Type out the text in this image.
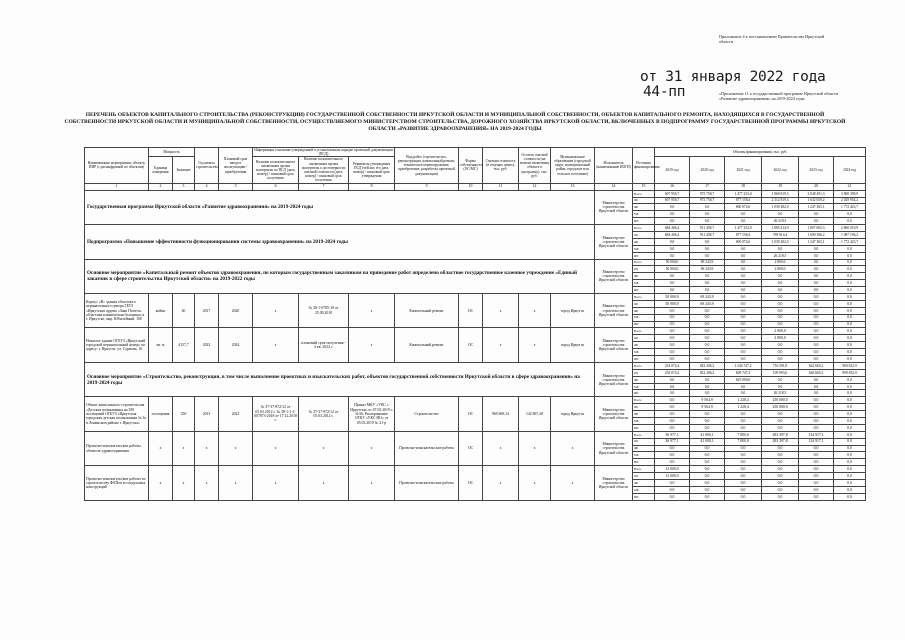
Приложение 4 к постановлению Правительства Иркутской области
от 31 января 2022 года
44-пп	«Приложение 11 к государственной программе Иркутской области «Развитие здравоохранения» на 2019-2024 годы
ПЕРЕЧЕНЬ ОБЪЕКТОВ КАПИТАЛЬНОГО СТРОИТЕЛЬСТВА (РЕКОНСТРУКЦИИ) ГОСУДАРСТВЕННОЙ СОБСТВЕННОСТИ ИРКУТСКОЙ ОБЛАСТИ И МУНИЦИПАЛЬНОЙ СОБСТВЕННОСТИ, ОБЪЕКТОВ КАПИТАЛЬНОГО РЕМОНТА, НАХОДЯЩИХСЯ В ГОСУДАРСТВЕННОЙ СОБСТВЕННОСТИ ИРКУТСКОЙ ОБЛАСТИ И МУНИЦИПАЛЬНОЙ СОБСТВЕННОСТИ, ОСУЩЕСТВЛЯЕМОГО МИНИСТЕРСТВОМ СТРОИТЕЛЬСТВА, ДОРОЖНОГО ХОЗЯЙСТВА ИРКУТСКОЙ ОБЛАСТИ, ВКЛЮЧЕННЫХ В ПОДПРОГРАММУ ГОСУДАРСТВЕННОЙ ПРОГРАММЫ ИРКУТСКОЙ ОБЛАСТИ «РАЗВИТИЕ ЗДРАВООХРАНЕНИЯ» НА 2019-2024 ГОДЫ
Наименование мероприятия, объекта, ПИР (с расшифровкой по объектам)	Мощность		Год начала строительства	Плановый срок ввода в эксплуатацию / приобретения	Информация о наличии утвержденной в установленном порядке проектной документации (ПСД)			Вид работ (строительство, реконструкция, капитальный ремонт, техническое перевооружение, приобретение, разработка проектной документации)	Форма собственности (ОС/МС)	Сметная стоимость (в текущих ценах), тыс. руб.	Остаток сметной стоимости (на момент включения объекта в программу), тыс. руб.	Муниципальное образование (городской округ, муниципальный район, городское или сельское поселение)	Исполнитель (наименование ИОГВ)	Источник финансирования	Объемы финансирования, тыс. руб.					
	Единица измерения	Значение			Наличие положительного заключения органа экспертизы по ПСД (дата, номер) / плановый срок получения	Наличие положительного заключения органа экспертизы о достоверности сметной стоимости (дата, номер) / плановый срок получения	Реквизиты утверждения ПСД (чей акт, его дата, номер) / плановый срок утверждения								2019 год	2020 год	2021 год	2022 год	2023 год	2024 год

1	2	3	4	5	6	7	8	9	10	11	12	13	14	15	16	17	18	19	20	21
Государственная программа Иркутской области «Развитие здравоохранения» на 2019-2024 годы													Министерство строительства Иркутской области	Всего	607 956,7	975 758,7	1 477 233,0	1 868 819,3	2 048 491,3	3 900 399,9
														ОБ	607 956,7	975 758,7	877 158,4	2 312 819,3	1 632 050,2	2 029 954,2
														ФБ	0,0	0,0	600 074,6	1 039 282,0	1 247 365,1	1 772 423,7
														МБ	0,0	0,0	0,0	0,0	0,0	0,0
														ИИ	0,0	0,0	0,0	26 218,5	0,0	0,0
Подпрограмма «Повышение эффективности функционирования системы здравоохранения» на 2019-2024 годы													Министерство строительства Иркутской области	Всего	684 406,4	911 458,7	1 477 233,0	1 885 414,9	1 807 665,3	2 860 019,9
														ОБ	684 406,4	911 458,7	877 158,4	769 914,4	1 690 186,2	1 087 196,2
														ФБ	0,0	0,0	600 074,6	1 039 282,0	1 247 365,1	1 772 423,7
														МБ	0,0	0,0	0,0	0,0	0,0	0,0
														ИИ	0,0	0,0	0,0	26 218,5	0,0	0,0
Основное мероприятие «Капитальный ремонт объектов здравоохранения, по которым государственным заказчиком на приведение работ определено областное государственное казенное учреждение «Единый заказчик в сфере строительства Иркутской области» на 2019-2022 годы													Министерство строительства Иркутской области	Всего	50 000,0	69 243,9	0,0	2 800,0	0,0	0,0
														ОБ	50 000,0	69 243,9	0,0	2 800,0	0,0	0,0
														ФБ	0,0	0,0	0,0	0,0	0,0	0,0
														МБ	0,0	0,0	0,0	0,0	0,0	0,0
														ИИ	0,0	0,0	0,0	0,0	0,0	0,0
Корпус «В» здания областного перинатального центра ГБУЗ «Иркутская ордена «Знак Почета» областная клиническая больница» в г. Иркутске, мкр. Юбилейный, 100	койки	40	2017	2020	х	№ 38-1-0785-18 от 25.09.2018	х	Капитальный ремонт	ОС	х	х	город Иркутск	Министерство строительства Иркутской области	Всего	50 000,0	69 243,9	0,0	0,0	0,0	0,0
														ОБ	50 000,0	69 243,9	0,0	0,0	0,0	0,0
														ФБ	0,0	0,0	0,0	0,0	0,0	0,0
														МБ	0,0	0,0	0,0	0,0	0,0	0,0
														ИИ	0,0	0,0	0,0	0,0	0,0	0,0
Нежилое здание ОГБУЗ «Иркутский городской перинатальный центр» по адресу: г. Иркутск, ул. Сурнова, 16	кв. м	4157,7	2022	2024	х	плановый срок получения - 4 кв. 2022 г.	х	Капитальный ремонт	ОС	х	х	город Иркутск	Министерство строительства Иркутской области	Всего	0,0	0,0	0,0	2 800,0	0,0	0,0
														ОБ	0,0	0,0	0,0	2 800,0	0,0	0,0
														ФБ	0,0	0,0	0,0	0,0	0,0	0,0
														МБ	0,0	0,0	0,0	0,0	0,0	0,0
														ИИ	0,0	0,0	0,0	0,0	0,0	0,0
Основное мероприятие «Строительство, реконструкция, в том числе выполнение проектных и изыскательских работ, объектов государственной собственности Иркутской области в сфере здравоохранения» на 2019-2024 годы													Министерство строительства Иркутской области	Всего	234 074,4	822 206,2	1 244 747,2	716 291,8	622 665,2	900 652,9
														ОБ	234 074,4	822 206,2	609 747,3	109 993,6	626 665,2	909 652,9
														ФБ	0,0	0,0	625 000,0	0,0	0,0	0,0
														МБ	0,0	0,0	0,0	0,0	0,0	0,0
														ИИ	0,0	0,0	0,0	26 218,5	0,0	0,0
Объект капитального строительства «Детская поликлиника на 350 посещений ОГБУЗ «Иркутская городская детская поликлиника № 6» в Ленинском районе г. Иркутска»	посещения	350	2013	2022	№ 37-37-872/12 от 05.03.2012 г. № 38-1-1-2-007873-2018 от 17.12.2018 г.	№ 37-37-872/12 от 05.03.2012 г.	Приказ МКУ «УКС г. Иркутска» от 07.03.2019 г. №36; Распоряжение ОГКУ «УКС ИО» от 05.03.2019 № 21-р	Строительство	ОС	960 669,14	142 867,20	город Иркутск	Министерство строительства Иркутской области	Всего	0,0	9 564,9	1 228,4	250 000,0	0,0	0,0
														ОБ	0,0	9 564,9	1 228,4	250 000,0	0,0	0,0
														ФБ	0,0	0,0	0,0	0,0	0,0	0,0
														МБ	0,0	0,0	0,0	0,0	0,0	0,0
														ИИ	0,0	0,0	0,0	0,0	0,0	0,0
Проектно-изыскательские работы объектов здравоохранения	х	х	х	х	х	х	х	Проектно-изыскательские работы	ОС	х	х	х	Министерство строительства Иркутской области	Всего	36 977,1	41 000,1	7 800,0	283 397,8	134 917,1	0,0
														ОБ	36 977,1	41 000,1	7 800,0	283 397,8	134 917,1	0,0
														ФБ	0,0	0,0	0,0	0,0	0,0	0,0
														МБ	0,0	0,0	0,0	0,0	0,0	0,0
														ИИ	0,0	0,0	0,0	0,0	0,0	0,0
Проектно-изыскательские работы по строительству ФАПов из модульных конструкций	х	х	х	х	х	х	х	Проектно-изыскательские работы	ОС	х	х	х	Министерство строительства Иркутской области	Всего	12 000,0	0,0	0,0	0,0	0,0	0,0
														ОБ	12 000,0	0,0	0,0	0,0	0,0	0,0
														ФБ	0,0	0,0	0,0	0,0	0,0	0,0
														МБ	0,0	0,0	0,0	0,0	0,0	0,0
														ИИ	0,0	0,0	0,0	0,0	0,0	0,0
